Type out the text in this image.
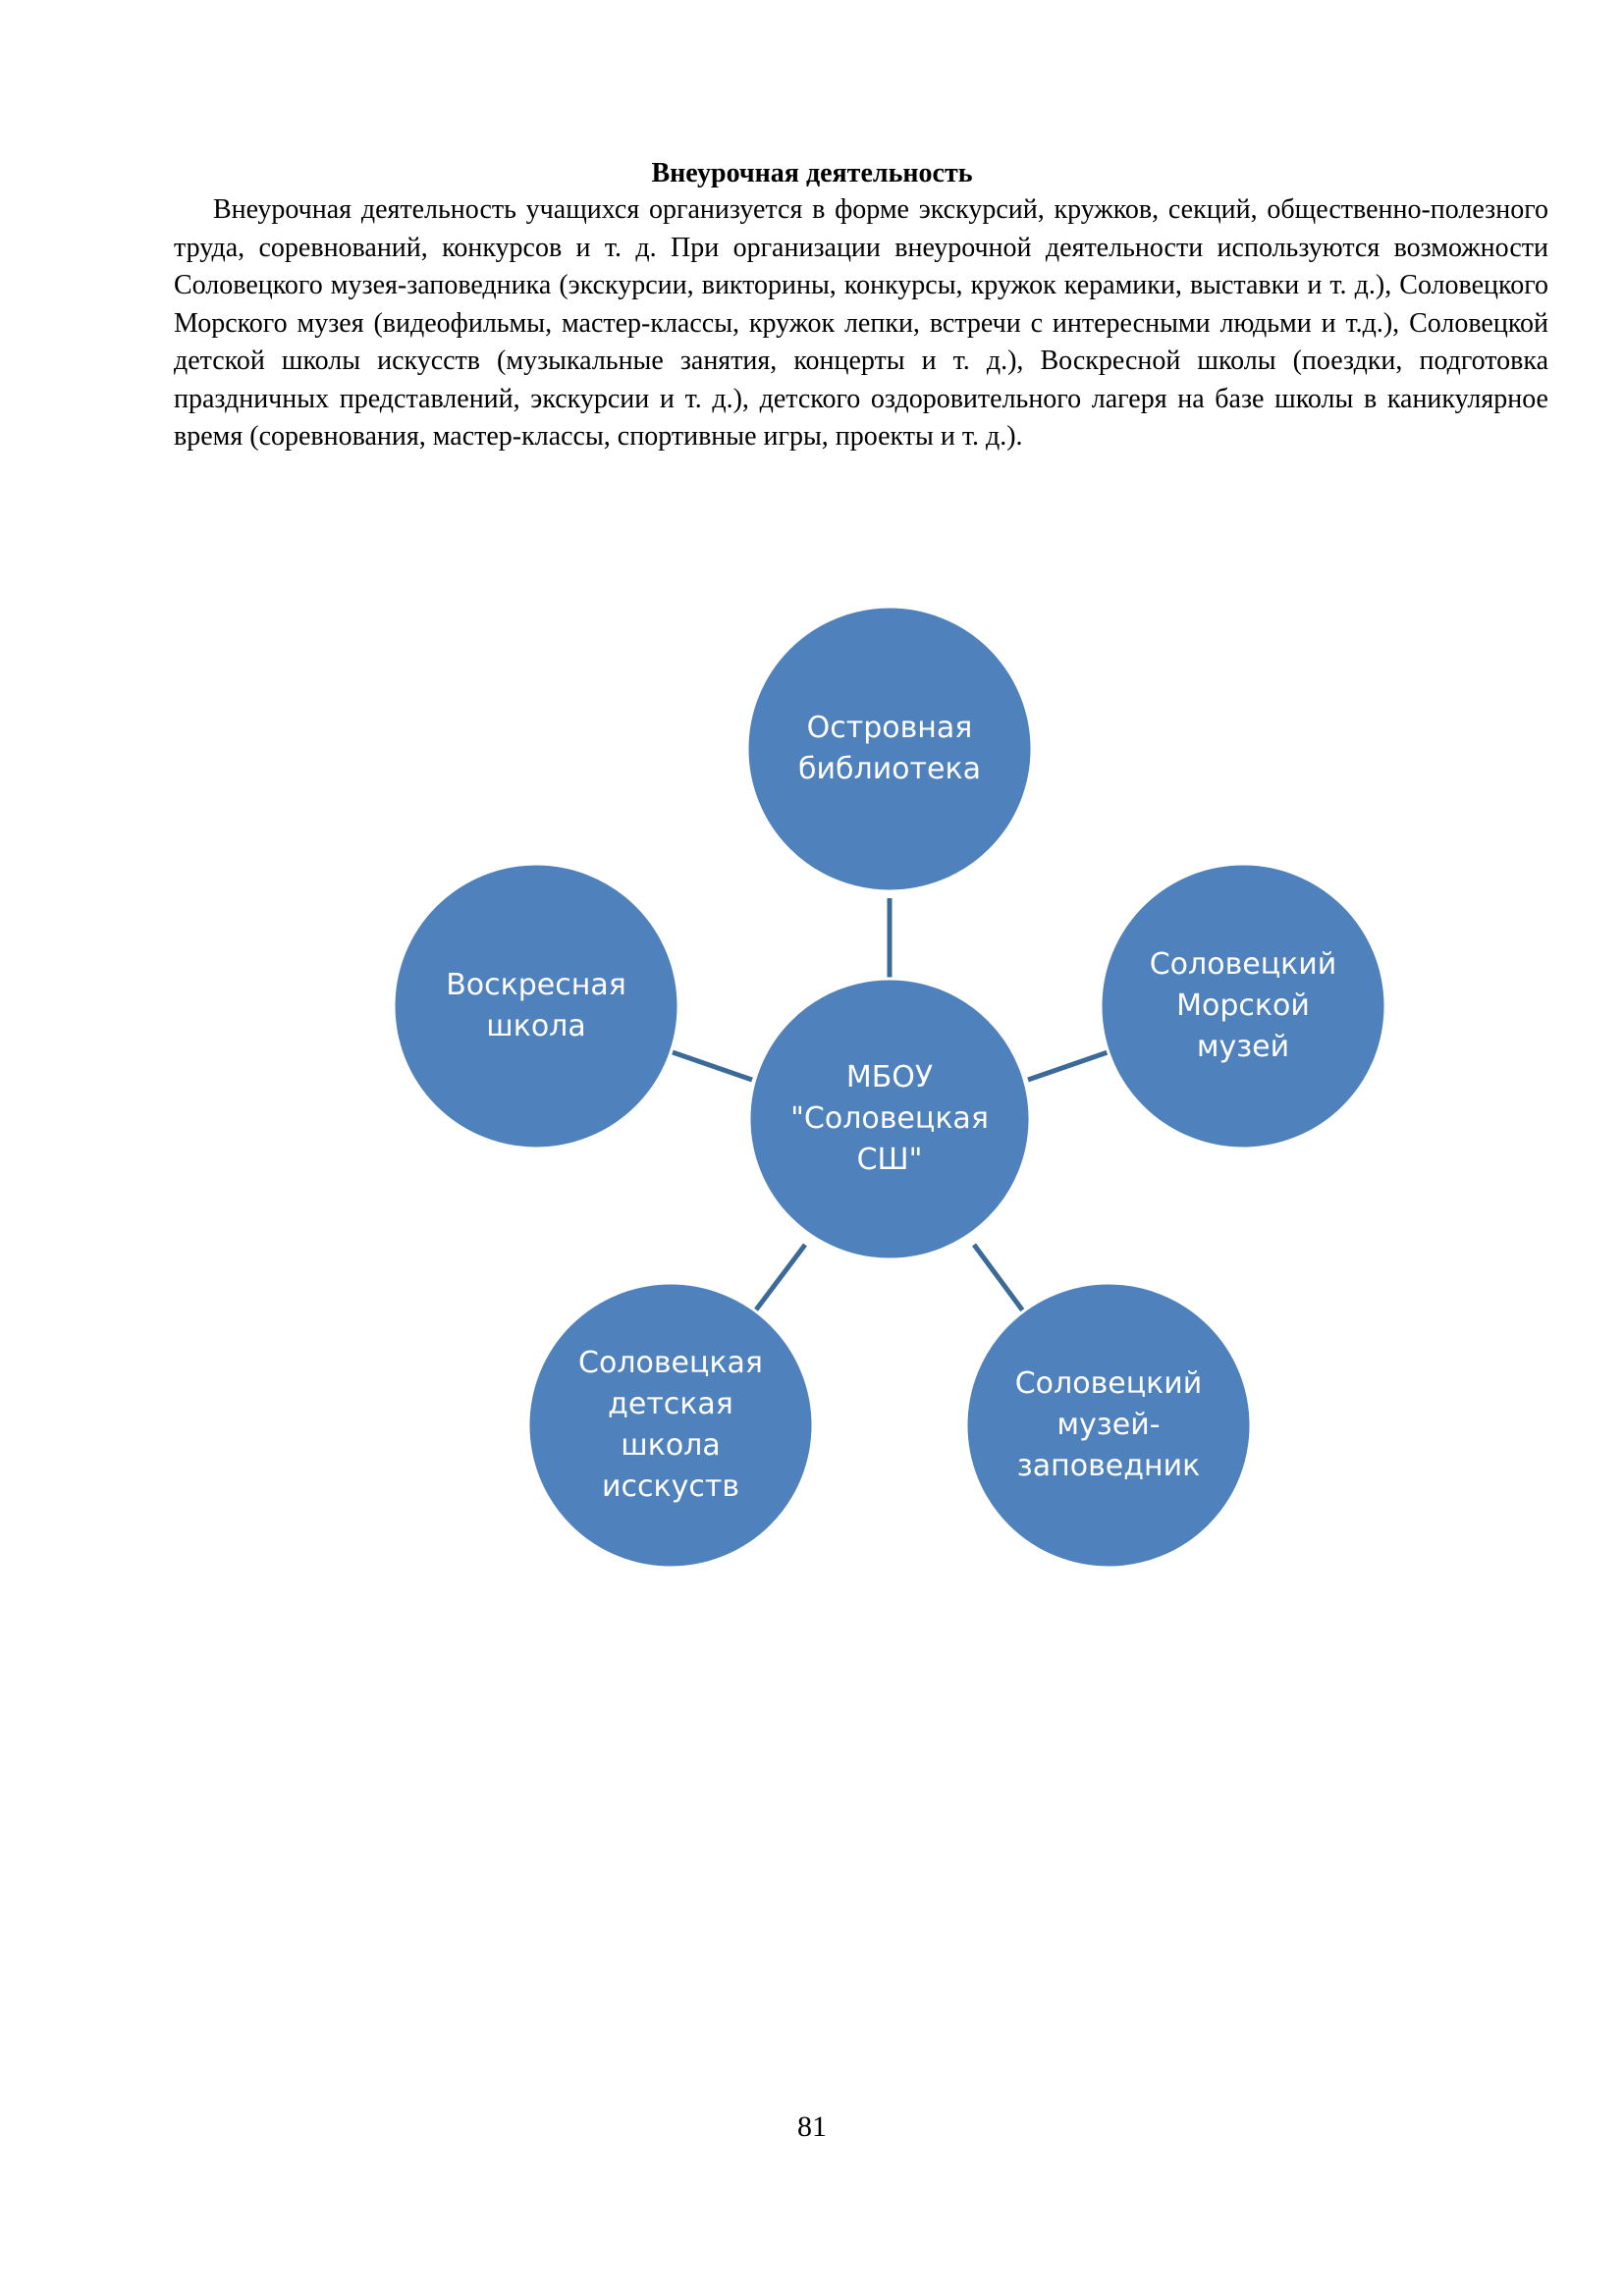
Внеурочная деятельность

Внеурочная деятельность учащихся организуется в форме экскурсий, кружков, секций, общественно-полезного труда, соревнований, конкурсов и т. д. При организации внеурочной деятельности используются возможности Соловецкого музея-заповедника (экскурсии, викторины, конкурсы, кружок керамики, выставки и т. д.), Соловецкого Морского музея (видеофильмы, мастер-классы, кружок лепки, встречи с интересными людьми и т.д.), Соловецкой детской школы искусств (музыкальные занятия, концерты и т. д.), Воскресной школы (поездки, подготовка праздничных представлений, экскурсии и т. д.), детского оздоровительного лагеря на базе школы в каникулярное время (соревнования, мастер-классы, спортивные игры, проекты и т. д.).

МБОУ
"Соловецкая
СШ"
Островная
библиотека
Соловецкий
Морской
музей
Соловецкий
музей-
заповедник
Соловецкая
детская
школа
исскуств
Воскресная
школа

81
